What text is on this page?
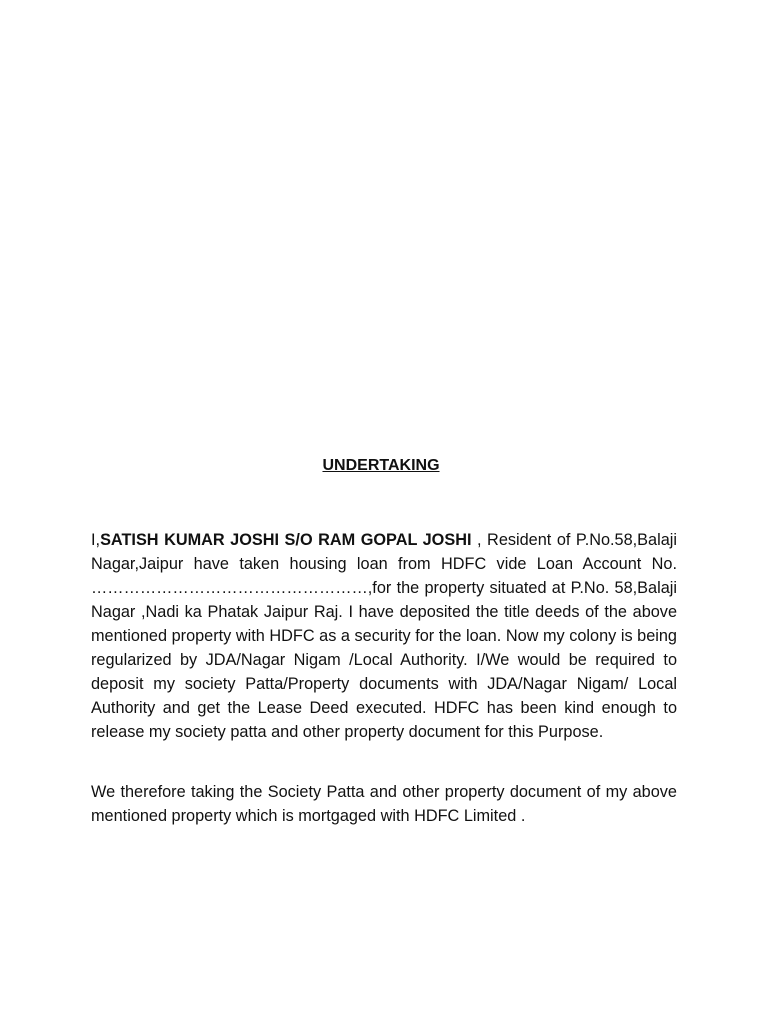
UNDERTAKING

I,SATISH KUMAR JOSHI S/O RAM GOPAL JOSHI , Resident of P.No.58,Balaji Nagar,Jaipur have taken housing loan from HDFC vide Loan Account No. ……………………………………………,for the property situated at P.No. 58,Balaji Nagar ,Nadi ka Phatak Jaipur Raj. I have deposited the title deeds of the above mentioned property with HDFC as a security for the loan. Now my colony is being regularized by JDA/Nagar Nigam /Local Authority. I/We would be required to deposit my society Patta/Property documents with JDA/Nagar Nigam/ Local Authority and get the Lease Deed executed. HDFC has been kind enough to release my society patta and other property document for this Purpose.

We therefore taking the Society Patta and other property document of my above mentioned property which is mortgaged with HDFC Limited .
